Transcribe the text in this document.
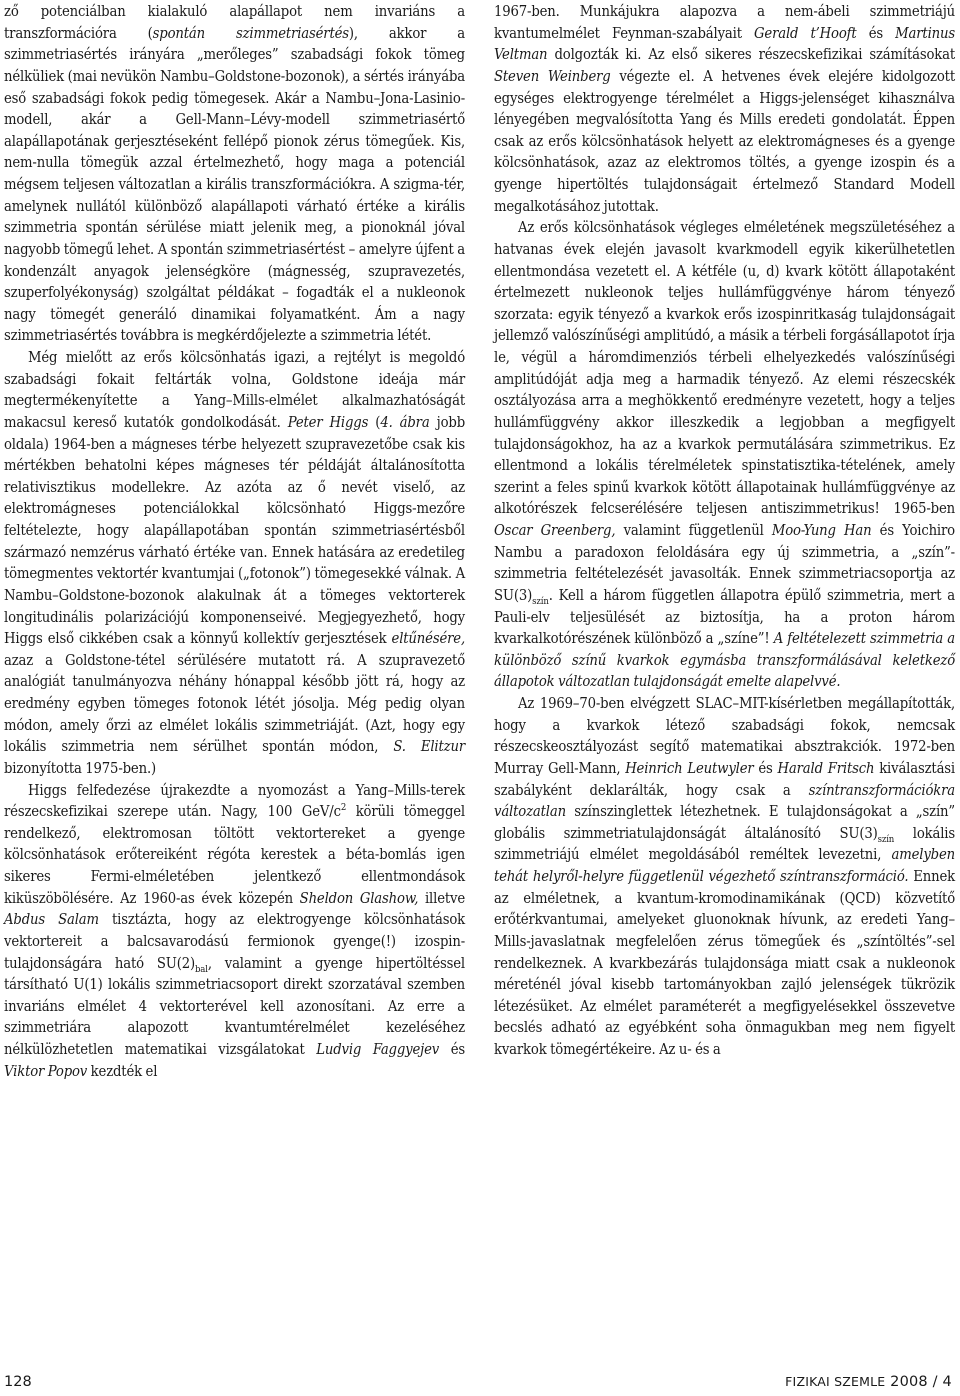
ző potenciálban kialakuló alapállapot nem invariáns a transzformációra (spontán szimmetriasértés), akkor a szimmetriasértés irányára „merőleges” szabadsági fokok tömeg nélküliek (mai nevükön Nambu–Goldstone-bozonok), a sértés irányába eső szabadsági fokok pedig tömegesek. Akár a Nambu–Jona-Lasinio-modell, akár a Gell-Mann–Lévy-modell szimmetriasértő alapállapotának gerjesztéseként fellépő pionok zérus tömegűek. Kis, nem-nulla tömegük azzal értelmezhető, hogy maga a potenciál mégsem teljesen változatlan a királis transzformációkra. A szigma-tér, amelynek nullától különböző alapállapoti várható értéke a királis szimmetria spontán sérülése miatt jelenik meg, a pionoknál jóval nagyobb tömegű lehet. A spontán szimmetriasértést – amelyre újfent a kondenzált anyagok jelenségköre (mágnesség, szupravezetés, szuperfolyékonyság) szolgáltat példákat – fogadták el a nukleonok nagy tömegét generáló dinamikai folyamatként. Ám a nagy szimmetriasértés továbbra is megkérdőjelezte a szimmetria létét.

Még mielőtt az erős kölcsönhatás igazi, a rejtélyt is megoldó szabadsági fokait feltárták volna, Goldstone ideája már megtermékenyítette a Yang–Mills-elmélet alkalmazhatóságát makacsul kereső kutatók gondolkodását. Peter Higgs (4. ábra jobb oldala) 1964-ben a mágneses térbe helyezett szupravezetőbe csak kis mértékben behatolni képes mágneses tér példáját általánosította relativisztikus modellekre. Az azóta az ő nevét viselő, az elektromágneses potenciálokkal kölcsönható Higgs-mezőre feltételezte, hogy alapállapotában spontán szimmetriasértésből származó nemzérus várható értéke van. Ennek hatására az eredetileg tömegmentes vektortér kvantumjai („fotonok”) tömegesekké válnak. A Nambu–Goldstone-bozonok alakulnak át a tömeges vektorterek longitudinális polarizációjú komponenseivé. Megjegyezhető, hogy Higgs első cikkében csak a könnyű kollektív gerjesztések eltűnésére, azaz a Goldstone-tétel sérülésére mutatott rá. A szupravezető analógiát tanulmányozva néhány hónappal később jött rá, hogy az eredmény egyben tömeges fotonok létét jósolja. Még pedig olyan módon, amely őrzi az elmélet lokális szimmetriáját. (Azt, hogy egy lokális szimmetria nem sérülhet spontán módon, S. Elitzur bizonyította 1975-ben.)

Higgs felfedezése újrakezdte a nyomozást a Yang–Mills-terek részecskefizikai szerepe után. Nagy, 100 GeV/$c^2$ körüli tömeggel rendelkező, elektromosan töltött vektortereket a gyenge kölcsönhatások erőtereiként régóta kerestek a béta-bomlás igen sikeres Fermi-elméletében jelentkező ellentmondások kiküszöbölésére. Az 1960-as évek közepén Sheldon Glashow, illetve Abdus Salam tisztázta, hogy az elektrogyenge kölcsönhatások vektortereit a balcsavarodású fermionok gyenge(!) izospin-tulajdonságára ható $SU(2)_{bal}$, valamint a gyenge hipertöltéssel társítható U(1) lokális szimmetriacsoport direkt szorzatával szemben invariáns elmélet 4 vektorterével kell azonosítani. Az erre a szimmetriára alapozott kvantumtérelmélet kezeléséhez nélkülözhetetlen matematikai vizsgálatokat Ludvig Faggyejev és Viktor Popov kezdték el

1967-ben. Munkájukra alapozva a nem-ábeli szimmetriájú kvantumelmélet Feynman-szabályait Gerald t’Hooft és Martinus Veltman dolgozták ki. Az első sikeres részecskefizikai számításokat Steven Weinberg végezte el. A hetvenes évek elejére kidolgozott egységes elektrogyenge térelmélet a Higgs-jelenséget kihasználva lényegében megvalósította Yang és Mills eredeti gondolatát. Éppen csak az erős kölcsönhatások helyett az elektromágneses és a gyenge kölcsönhatások, azaz az elektromos töltés, a gyenge izospin és a gyenge hipertöltés tulajdonságait értelmező Standard Modell megalkotásához jutottak.

Az erős kölcsönhatások végleges elméletének megszületéséhez a hatvanas évek elején javasolt kvarkmodell egyik kikerülhetetlen ellentmondása vezetett el. A kétféle (u, d) kvark kötött állapotaként értelmezett nukleonok teljes hullámfüggvénye három tényező szorzata: egyik tényező a kvarkok erős izospinritkaság tulajdonságait jellemző valószínűségi amplitúdó, a másik a térbeli forgásállapotot írja le, végül a háromdimenziós térbeli elhelyezkedés valószínűségi amplitúdóját adja meg a harmadik tényező. Az elemi részecskék osztályozása arra a meghökkentő eredményre vezetett, hogy a teljes hullámfüggvény akkor illeszkedik a legjobban a megfigyelt tulajdonságokhoz, ha az a kvarkok permutálására szimmetrikus. Ez ellentmond a lokális térelméletek spinstatisztika-tételének, amely szerint a feles spinű kvarkok kötött állapotainak hullámfüggvénye az alkotórészek felcserélésére teljesen antiszimmetrikus! 1965-ben Oscar Greenberg, valamint függetlenül Moo-Yung Han és Yoichiro Nambu a paradoxon feloldására egy új szimmetria, a „szín”-szimmetria feltételezését javasolták. Ennek szimmetriacsoportja az $SU(3)_{szín}$. Kell a három független állapotra épülő szimmetria, mert a Pauli-elv teljesülését az biztosítja, ha a proton három kvarkalkotórészének különböző a „színe”! A feltételezett szimmetria a különböző színű kvarkok egymásba transzformálásával keletkező állapotok változatlan tulajdonságát emelte alapelvvé.

Az 1969–70-ben elvégzett SLAC–MIT-kísérletben megállapították, hogy a kvarkok létező szabadsági fokok, nemcsak részecskeosztályozást segítő matematikai absztrakciók. 1972-ben Murray Gell-Mann, Heinrich Leutwyler és Harald Fritsch kiválasztási szabályként deklarálták, hogy csak a színtranszformációkra változatlan színszinglettek létezhetnek. E tulajdonságokat a „szín” globális szimmetriatulajdonságát általánosító $SU(3)_{szín}$ lokális szimmetriájú elmélet megoldásából reméltek levezetni, amelyben tehát helyről-helyre függetlenül végezhető színtranszformáció. Ennek az elméletnek, a kvantum-kromodinamikának (QCD) közvetítő erőtérkvantumai, amelyeket gluonoknak hívunk, az eredeti Yang–Mills-javaslatnak megfelelően zérus tömegűek és „színtöltés”-sel rendelkeznek. A kvarkbezárás tulajdonsága miatt csak a nukleonok méreténél jóval kisebb tartományokban zajló jelenségek tükrözik létezésüket. Az elmélet paraméterét a megfigyelésekkel összevetve becslés adható az egyébként soha önmagukban meg nem figyelt kvarkok tömegértékeire. Az u- és a

128	FIZIKAI SZEMLE 2008 / 4
